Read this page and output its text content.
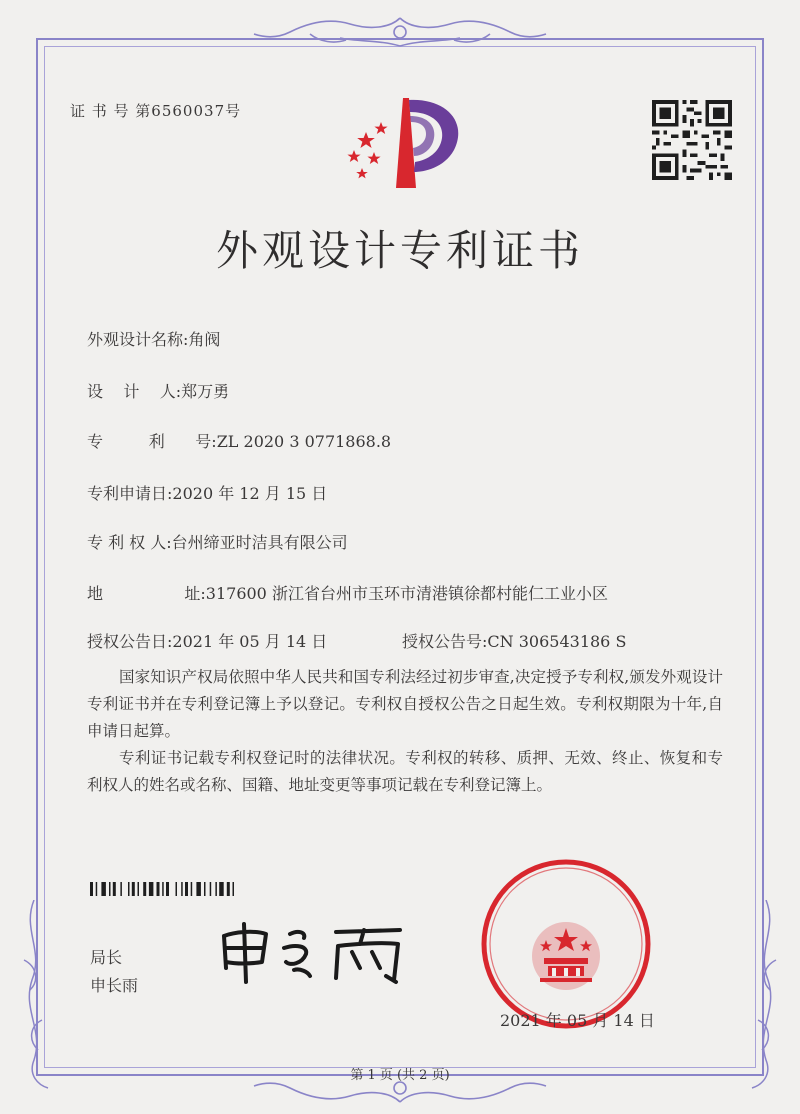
证 书 号 第6560037号
外观设计专利证书
外观设计名称:角阀
设    计    人:郑万勇
专         利      号:ZL 2020 3 0771868.8
专利申请日:2020 年 12 月 15 日
专 利 权 人:台州缔亚时洁具有限公司
地                址:317600 浙江省台州市玉环市清港镇徐都村能仁工业小区
授权公告日:2021 年 05 月 14 日	授权公告号:CN 306543186 S

国家知识产权局依照中华人民共和国专利法经过初步审查,决定授予专利权,颁发外观设计专利证书并在专利登记簿上予以登记。专利权自授权公告之日起生效。专利权期限为十年,自申请日起算。

专利证书记载专利权登记时的法律状况。专利权的转移、质押、无效、终止、恢复和专利权人的姓名或名称、国籍、地址变更等事项记载在专利登记簿上。

局长
申长雨
2021 年 05 月 14 日
第 1 页 (共 2 页)
